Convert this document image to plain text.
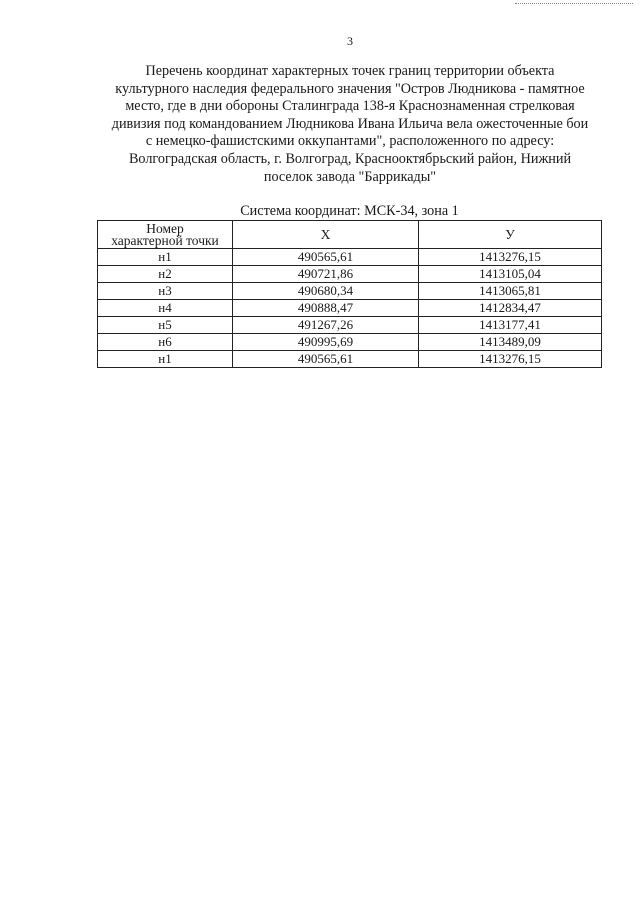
3
Перечень координат характерных точек границ территории объекта
культурного наследия федерального значения "Остров Людникова - памятное
место, где в дни обороны Сталинграда 138-я Краснознаменная стрелковая
дивизия под командованием Людникова Ивана Ильича вела ожесточенные бои
с немецко-фашистскими оккупантами", расположенного по адресу:
Волгоградская область, г. Волгоград, Краснооктябрьский район, Нижний
поселок завода "Баррикады"
Система координат: МСК-34, зона 1
Номер
характерной точки	X	У
н1	490565,61	1413276,15
н2	490721,86	1413105,04
н3	490680,34	1413065,81
н4	490888,47	1412834,47
н5	491267,26	1413177,41
н6	490995,69	1413489,09
н1	490565,61	1413276,15
